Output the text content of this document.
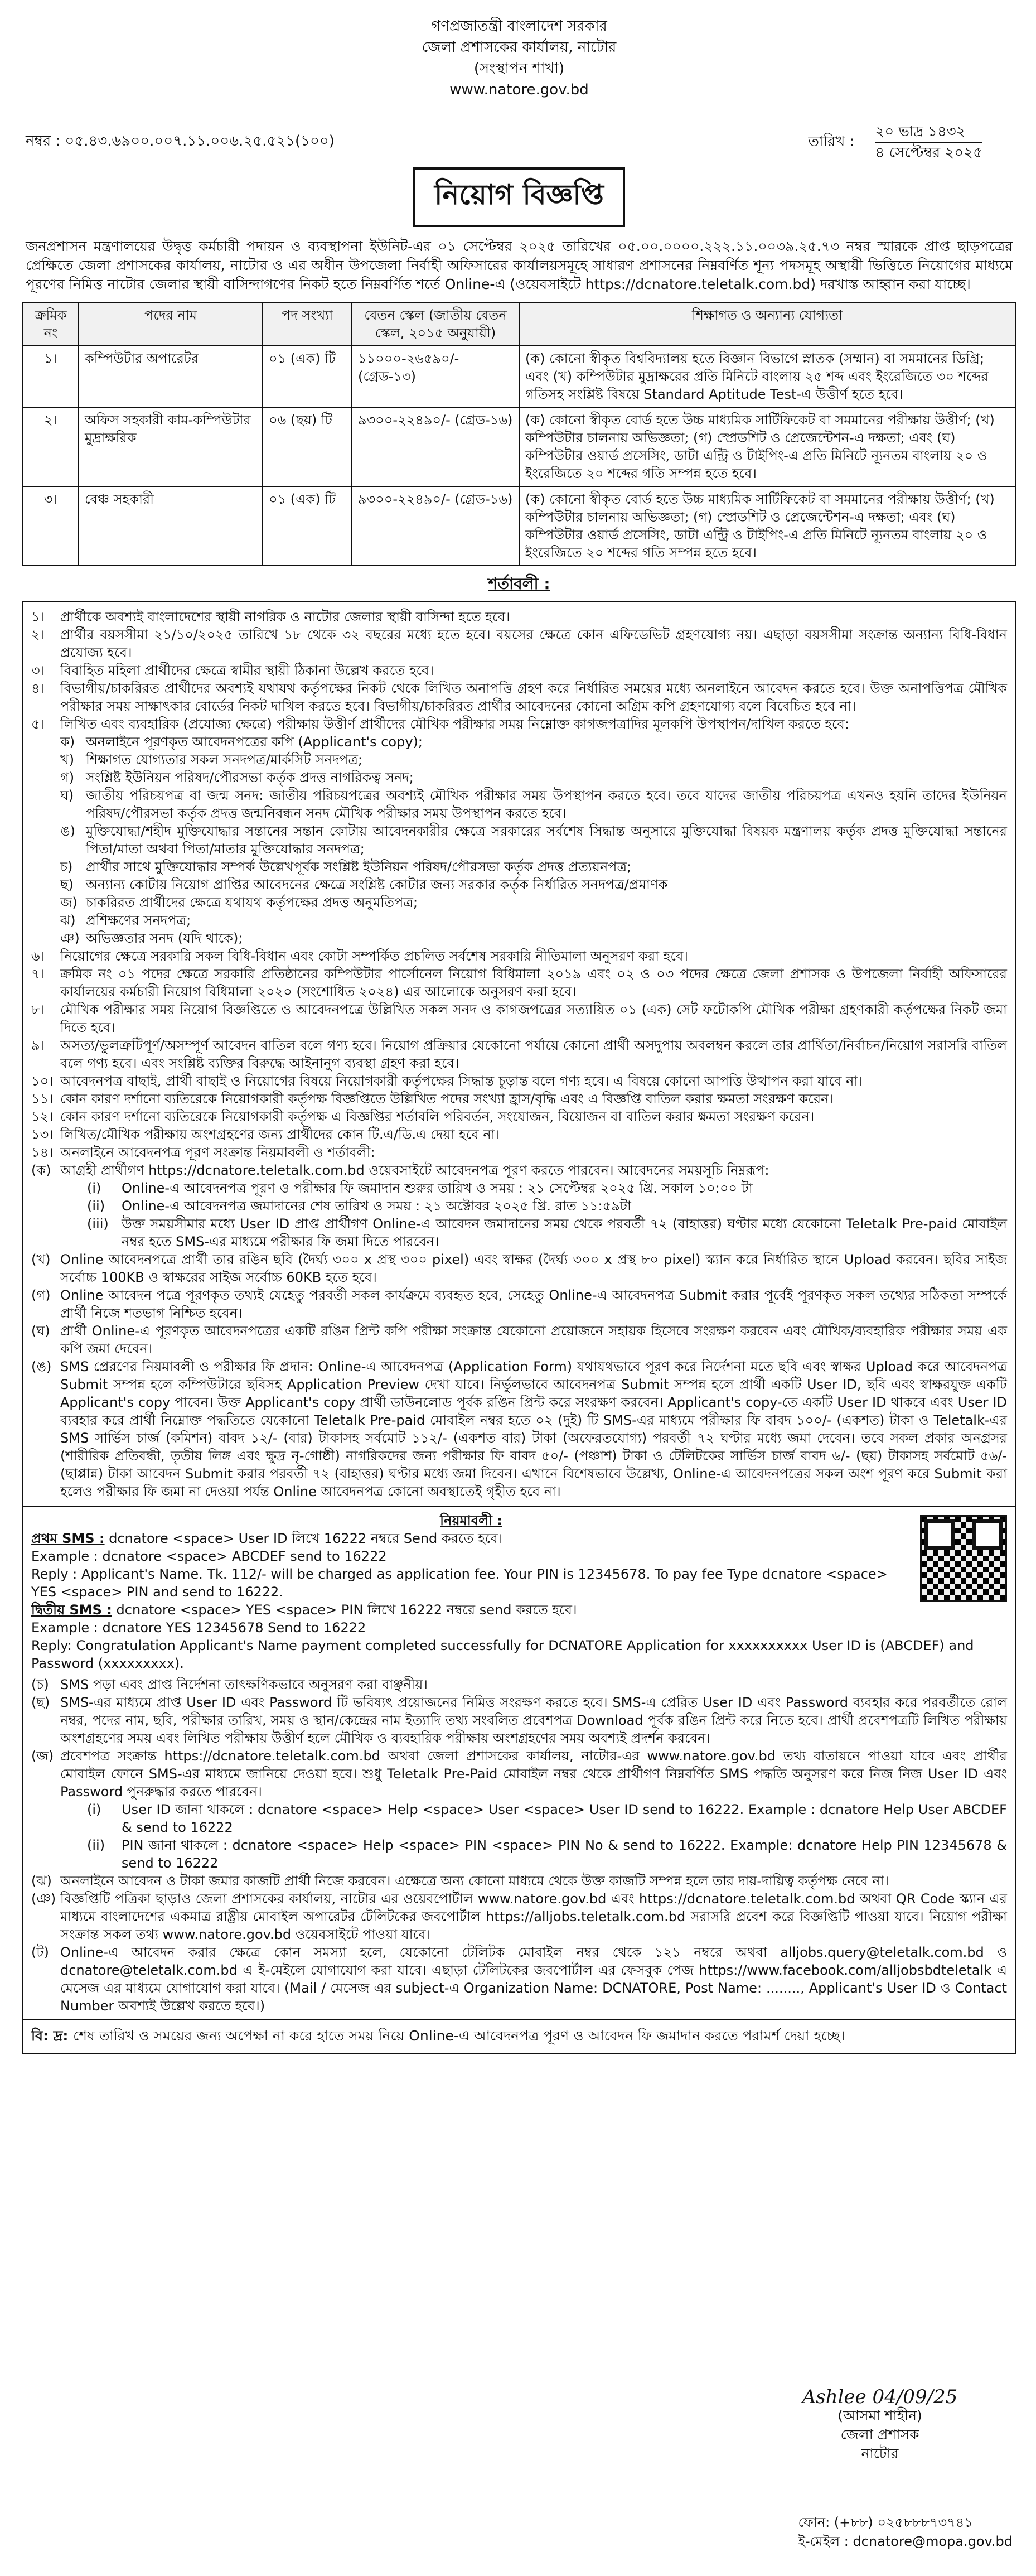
গণপ্রজাতন্ত্রী বাংলাদেশ সরকার
জেলা প্রশাসকের কার্যালয়, নাটোর
(সংস্থাপন শাখা)
www.natore.gov.bd
নম্বর : ০৫.৪৩.৬৯০০.০০৭.১১.০০৬.২৫.৫২১(১০০)	তারিখ :
২০ ভাদ্র ১৪৩২
৪ সেপ্টেম্বর ২০২৫
নিয়োগ বিজ্ঞপ্তি
জনপ্রশাসন মন্ত্রণালয়ের উদ্বৃত্ত কর্মচারী পদায়ন ও ব্যবস্থাপনা ইউনিট-এর ০১ সেপ্টেম্বর ২০২৫ তারিখের ০৫.০০.০০০০.২২২.১১.০০৩৯.২৫.৭৩ নম্বর স্মারকে প্রাপ্ত ছাড়পত্রের প্রেক্ষিতে জেলা প্রশাসকের কার্যালয়, নাটোর ও এর অধীন উপজেলা নির্বাহী অফিসারের কার্যালয়সমূহে সাধারণ প্রশাসনের নিম্নবর্ণিত শূন্য পদসমূহ অস্থায়ী ভিত্তিতে নিয়োগের মাধ্যমে পূরণের নিমিত্ত নাটোর জেলার স্থায়ী বাসিন্দাগণের নিকট হতে নিম্নবর্ণিত শর্তে Online-এ (ওয়েবসাইটে https://dcnatore.teletalk.com.bd) দরখাস্ত আহ্বান করা যাচ্ছে।
ক্রমিক নং	পদের নাম	পদ সংখ্যা	বেতন স্কেল (জাতীয় বেতন স্কেল, ২০১৫ অনুযায়ী)	শিক্ষাগত ও অন্যান্য যোগ্যতা
১।	কম্পিউটার অপারেটর	০১ (এক) টি	১১০০০-২৬৫৯০/- (গ্রেড-১৩)	(ক) কোনো স্বীকৃত বিশ্ববিদ্যালয় হতে বিজ্ঞান বিভাগে স্নাতক (সম্মান) বা সমমানের ডিগ্রি; এবং (খ) কম্পিউটার মুদ্রাক্ষরের প্রতি মিনিটে বাংলায় ২৫ শব্দ এবং ইংরেজিতে ৩০ শব্দের গতিসহ সংশ্লিষ্ট বিষয়ে Standard Aptitude Test-এ উত্তীর্ণ হতে হবে।
২।	অফিস সহকারী কাম-কম্পিউটার মুদ্রাক্ষরিক	০৬ (ছয়) টি	৯৩০০-২২৪৯০/- (গ্রেড-১৬)	(ক) কোনো স্বীকৃত বোর্ড হতে উচ্চ মাধ্যমিক সার্টিফিকেট বা সমমানের পরীক্ষায় উত্তীর্ণ; (খ) কম্পিউটার চালনায় অভিজ্ঞতা; (গ) স্প্রেডশিট ও প্রেজেন্টেশন-এ দক্ষতা; এবং (ঘ) কম্পিউটার ওয়ার্ড প্রসেসিং, ডাটা এন্ট্রি ও টাইপিং-এ প্রতি মিনিটে ন্যূনতম বাংলায় ২০ ও ইংরেজিতে ২০ শব্দের গতি সম্পন্ন হতে হবে।
৩।	বেঞ্চ সহকারী	০১ (এক) টি	৯৩০০-২২৪৯০/- (গ্রেড-১৬)	(ক) কোনো স্বীকৃত বোর্ড হতে উচ্চ মাধ্যমিক সার্টিফিকেট বা সমমানের পরীক্ষায় উত্তীর্ণ; (খ) কম্পিউটার চালনায় অভিজ্ঞতা; (গ) স্প্রেডশিট ও প্রেজেন্টেশন-এ দক্ষতা; এবং (ঘ) কম্পিউটার ওয়ার্ড প্রসেসিং, ডাটা এন্ট্রি ও টাইপিং-এ প্রতি মিনিটে ন্যূনতম বাংলায় ২০ ও ইংরেজিতে ২০ শব্দের গতি সম্পন্ন হতে হবে।
শর্তাবলী :
১।	প্রার্থীকে অবশ্যই বাংলাদেশের স্থায়ী নাগরিক ও নাটোর জেলার স্থায়ী বাসিন্দা হতে হবে।
২।	প্রার্থীর বয়সসীমা ২১/১০/২০২৫ তারিখে ১৮ থেকে ৩২ বছরের মধ্যে হতে হবে। বয়সের ক্ষেত্রে কোন এফিডেভিট গ্রহণযোগ্য নয়। এছাড়া বয়সসীমা সংক্রান্ত অন্যান্য বিধি-বিধান প্রযোজ্য হবে।
৩।	বিবাহিত মহিলা প্রার্থীদের ক্ষেত্রে স্বামীর স্থায়ী ঠিকানা উল্লেখ করতে হবে।
৪।	বিভাগীয়/চাকরিরত প্রার্থীদের অবশ্যই যথাযথ কর্তৃপক্ষের নিকট থেকে লিখিত অনাপত্তি গ্রহণ করে নির্ধারিত সময়ের মধ্যে অনলাইনে আবেদন করতে হবে। উক্ত অনাপত্তিপত্র মৌখিক পরীক্ষার সময় সাক্ষাৎকার বোর্ডের নিকট দাখিল করতে হবে। বিভাগীয়/চাকরিরত প্রার্থীর আবেদনের কোনো অগ্রিম কপি গ্রহণযোগ্য বলে বিবেচিত হবে না।
৫।	লিখিত এবং ব্যবহারিক (প্রযোজ্য ক্ষেত্রে) পরীক্ষায় উত্তীর্ণ প্রার্থীদের মৌখিক পরীক্ষার সময় নিম্নোক্ত কাগজপত্রাদির মূলকপি উপস্থাপন/দাখিল করতে হবে:
ক) অনলাইনে পূরণকৃত আবেদনপত্রের কপি (Applicant's copy);
খ) শিক্ষাগত যোগ্যতার সকল সনদপত্র/মার্কসিট সনদপত্র;
গ) সংশ্লিষ্ট ইউনিয়ন পরিষদ/পৌরসভা কর্তৃক প্রদত্ত নাগরিকত্ব সনদ;
ঘ) জাতীয় পরিচয়পত্র বা জন্ম সনদ: জাতীয় পরিচয়পত্রের অবশ্যই মৌখিক পরীক্ষার সময় উপস্থাপন করতে হবে। তবে যাদের জাতীয় পরিচয়পত্র এখনও হয়নি তাদের ইউনিয়ন পরিষদ/পৌরসভা কর্তৃক প্রদত্ত জন্মনিবন্ধন সনদ মৌখিক পরীক্ষার সময় উপস্থাপন করতে হবে।
ঙ) মুক্তিযোদ্ধা/শহীদ মুক্তিযোদ্ধার সন্তানের সন্তান কোটায় আবেদনকারীর ক্ষেত্রে সরকারের সর্বশেষ সিদ্ধান্ত অনুসারে মুক্তিযোদ্ধা বিষয়ক মন্ত্রণালয় কর্তৃক প্রদত্ত মুক্তিযোদ্ধা সন্তানের পিতা/মাতা অথবা পিতা/মাতার মুক্তিযোদ্ধার সনদপত্র;
চ) প্রার্থীর সাথে মুক্তিযোদ্ধার সম্পর্ক উল্লেখপূর্বক সংশ্লিষ্ট ইউনিয়ন পরিষদ/পৌরসভা কর্তৃক প্রদত্ত প্রত্যয়নপত্র;
ছ) অন্যান্য কোটায় নিয়োগ প্রাপ্তির আবেদনের ক্ষেত্রে সংশ্লিষ্ট কোটার জন্য সরকার কর্তৃক নির্ধারিত সনদপত্র/প্রমাণক
জ) চাকরিরত প্রার্থীদের ক্ষেত্রে যথাযথ কর্তৃপক্ষের প্রদত্ত অনুমতিপত্র;
ঝ) প্রশিক্ষণের সনদপত্র;
ঞ) অভিজ্ঞতার সনদ (যদি থাকে);
৬।	নিয়োগের ক্ষেত্রে সরকারি সকল বিধি-বিধান এবং কোটা সম্পর্কিত প্রচলিত সর্বশেষ সরকারি নীতিমালা অনুসরণ করা হবে।
৭।	ক্রমিক নং ০১ পদের ক্ষেত্রে সরকারি প্রতিষ্ঠানের কম্পিউটার পার্সোনেল নিয়োগ বিধিমালা ২০১৯ এবং ০২ ও ০৩ পদের ক্ষেত্রে জেলা প্রশাসক ও উপজেলা নির্বাহী অফিসারের কার্যালয়ের কর্মচারী নিয়োগ বিধিমালা ২০২০ (সংশোধিত ২০২৪) এর আলোকে অনুসরণ করা হবে।
৮।	মৌখিক পরীক্ষার সময় নিয়োগ বিজ্ঞপ্তিতে ও আবেদনপত্রে উল্লিখিত সকল সনদ ও কাগজপত্রের সত্যায়িত ০১ (এক) সেট ফটোকপি মৌখিক পরীক্ষা গ্রহণকারী কর্তৃপক্ষের নিকট জমা দিতে হবে।
৯।	অসত্য/ভুলত্রুটিপূর্ণ/অসম্পূর্ণ আবেদন বাতিল বলে গণ্য হবে। নিয়োগ প্রক্রিয়ার যেকোনো পর্যায়ে কোনো প্রার্থী অসদুপায় অবলম্বন করলে তার প্রার্থিতা/নির্বাচন/নিয়োগ সরাসরি বাতিল বলে গণ্য হবে। এবং সংশ্লিষ্ট ব্যক্তির বিরুদ্ধে আইনানুগ ব্যবস্থা গ্রহণ করা হবে।
১০। আবেদনপত্র বাছাই, প্রার্থী বাছাই ও নিয়োগের বিষয়ে নিয়োগকারী কর্তৃপক্ষের সিদ্ধান্ত চূড়ান্ত বলে গণ্য হবে। এ বিষয়ে কোনো আপত্তি উত্থাপন করা যাবে না।
১১। কোন কারণ দর্শানো ব্যতিরেকে নিয়োগকারী কর্তৃপক্ষ বিজ্ঞপ্তিতে উল্লিখিত পদের সংখ্যা হ্রাস/বৃদ্ধি এবং এ বিজ্ঞপ্তি বাতিল করার ক্ষমতা সংরক্ষণ করেন।
১২। কোন কারণ দর্শানো ব্যতিরেকে নিয়োগকারী কর্তৃপক্ষ এ বিজ্ঞপ্তির শর্তাবলি পরিবর্তন, সংযোজন, বিয়োজন বা বাতিল করার ক্ষমতা সংরক্ষণ করেন।
১৩। লিখিত/মৌখিক পরীক্ষায় অংশগ্রহণের জন্য প্রার্থীদের কোন টি.এ/ডি.এ দেয়া হবে না।
১৪। অনলাইনে আবেদনপত্র পূরণ সংক্রান্ত নিয়মাবলী ও শর্তাবলী:
(ক) আগ্রহী প্রার্থীগণ https://dcnatore.teletalk.com.bd ওয়েবসাইটে আবেদনপত্র পূরণ করতে পারবেন। আবেদনের সময়সূচি নিম্নরূপ:
(i)	Online-এ আবেদনপত্র পূরণ ও পরীক্ষার ফি জমাদান শুরুর তারিখ ও সময় : ২১ সেপ্টেম্বর ২০২৫ খ্রি. সকাল ১০:০০ টা
(ii)	Online-এ আবেদনপত্র জমাদানের শেষ তারিখ ও সময় : ২১ অক্টোবর ২০২৫ খ্রি. রাত ১১:৫৯টা
(iii) উক্ত সময়সীমার মধ্যে User ID প্রাপ্ত প্রার্থীগণ Online-এ আবেদন জমাদানের সময় থেকে পরবর্তী ৭২ (বাহাত্তর) ঘণ্টার মধ্যে যেকোনো Teletalk Pre-paid মোবাইল নম্বর হতে SMS-এর মাধ্যমে পরীক্ষার ফি জমা দিতে পারবেন।
(খ) Online আবেদনপত্রে প্রার্থী তার রঙিন ছবি (দৈর্ঘ্য ৩০০ x প্রস্থ ৩০০ pixel) এবং স্বাক্ষর (দৈর্ঘ্য ৩০০ x প্রস্থ ৮০ pixel) স্ক্যান করে নির্ধারিত স্থানে Upload করবেন। ছবির সাইজ সর্বোচ্চ 100KB ও স্বাক্ষরের সাইজ সর্বোচ্চ 60KB হতে হবে।
(গ) Online আবেদন পত্রে পূরণকৃত তথ্যই যেহেতু পরবর্তী সকল কার্যক্রমে ব্যবহৃত হবে, সেহেতু Online-এ আবেদনপত্র Submit করার পূর্বেই পূরণকৃত সকল তথ্যের সঠিকতা সম্পর্কে প্রার্থী নিজে শতভাগ নিশ্চিত হবেন।
(ঘ) প্রার্থী Online-এ পূরণকৃত আবেদনপত্রের একটি রঙিন প্রিন্ট কপি পরীক্ষা সংক্রান্ত যেকোনো প্রয়োজনে সহায়ক হিসেবে সংরক্ষণ করবেন এবং মৌখিক/ব্যবহারিক পরীক্ষার সময় এক কপি জমা দেবেন।
(ঙ) SMS প্রেরণের নিয়মাবলী ও পরীক্ষার ফি প্রদান: Online-এ আবেদনপত্র (Application Form) যথাযথভাবে পূরণ করে নির্দেশনা মতে ছবি এবং স্বাক্ষর Upload করে আবেদনপত্র Submit সম্পন্ন হলে কম্পিউটারে ছবিসহ Application Preview দেখা যাবে। নির্ভুলভাবে আবেদনপত্র Submit সম্পন্ন হলে প্রার্থী একটি User ID, ছবি এবং স্বাক্ষরযুক্ত একটি Applicant's copy পাবেন। উক্ত Applicant's copy প্রার্থী ডাউনলোড পূর্বক রঙিন প্রিন্ট করে সংরক্ষণ করবেন। Applicant's copy-তে একটি User ID থাকবে এবং User ID ব্যবহার করে প্রার্থী নিম্নোক্ত পদ্ধতিতে যেকোনো Teletalk Pre-paid মোবাইল নম্বর হতে ০২ (দুই) টি SMS-এর মাধ্যমে পরীক্ষার ফি বাবদ ১০০/- (একশত) টাকা ও Teletalk-এর SMS সার্ভিস চার্জ (কমিশন) বাবদ ১২/- (বার) টাকাসহ সর্বমোট ১১২/- (একশত বার) টাকা (অফেরতযোগ্য) পরবর্তী ৭২ ঘণ্টার মধ্যে জমা দেবেন। তবে সকল প্রকার অনগ্রসর (শারীরিক প্রতিবন্ধী, তৃতীয় লিঙ্গ এবং ক্ষুদ্র নৃ-গোষ্ঠী) নাগরিকদের জন্য পরীক্ষার ফি বাবদ ৫০/- (পঞ্চাশ) টাকা ও টেলিটকের সার্ভিস চার্জ বাবদ ৬/- (ছয়) টাকাসহ সর্বমোট ৫৬/- (ছাপ্পান্ন) টাকা আবেদন Submit করার পরবর্তী ৭২ (বাহাত্তর) ঘণ্টার মধ্যে জমা দিবেন। এখানে বিশেষভাবে উল্লেখ্য, Online-এ আবেদনপত্রের সকল অংশ পূরণ করে Submit করা হলেও পরীক্ষার ফি জমা না দেওয়া পর্যন্ত Online আবেদনপত্র কোনো অবস্থাতেই গৃহীত হবে না।
নিয়মাবলী :
প্রথম SMS : dcnatore <space> User ID লিখে 16222 নম্বরে Send করতে হবে।
Example : dcnatore <space> ABCDEF send to 16222
Reply : Applicant's Name. Tk. 112/- will be charged as application fee. Your PIN is 12345678. To pay fee Type dcnatore <space> YES <space> PIN and send to 16222.
দ্বিতীয় SMS : dcnatore <space> YES <space> PIN লিখে 16222 নম্বরে send করতে হবে।
Example : dcnatore YES 12345678 Send to 16222
Reply: Congratulation Applicant's Name payment completed successfully for DCNATORE Application for xxxxxxxxxx User ID is (ABCDEF) and Password (xxxxxxxxx).
(চ) SMS পড়া এবং প্রাপ্ত নির্দেশনা তাৎক্ষণিকভাবে অনুসরণ করা বাঞ্ছনীয়।
(ছ) SMS-এর মাধ্যমে প্রাপ্ত User ID এবং Password টি ভবিষ্যৎ প্রয়োজনের নিমিত্ত সংরক্ষণ করতে হবে। SMS-এ প্রেরিত User ID এবং Password ব্যবহার করে পরবর্তীতে রোল নম্বর, পদের নাম, ছবি, পরীক্ষার তারিখ, সময় ও স্থান/কেন্দ্রের নাম ইত্যাদি তথ্য সংবলিত প্রবেশপত্র Download পূর্বক রঙিন প্রিন্ট করে নিতে হবে। প্রার্থী প্রবেশপত্রটি লিখিত পরীক্ষায় অংশগ্রহণের সময় এবং লিখিত পরীক্ষায় উত্তীর্ণ হলে মৌখিক ও ব্যবহারিক পরীক্ষায় অংশগ্রহণের সময় অবশ্যই প্রদর্শন করবেন।
(জ) প্রবেশপত্র সংক্রান্ত https://dcnatore.teletalk.com.bd অথবা জেলা প্রশাসকের কার্যালয়, নাটোর-এর www.natore.gov.bd তথ্য বাতায়নে পাওয়া যাবে এবং প্রার্থীর মোবাইল ফোনে SMS-এর মাধ্যমে জানিয়ে দেওয়া হবে। শুধু Teletalk Pre-Paid মোবাইল নম্বর থেকে প্রার্থীগণ নিম্নবর্ণিত SMS পদ্ধতি অনুসরণ করে নিজ নিজ User ID এবং Password পুনরুদ্ধার করতে পারবেন।
(i)	User ID জানা থাকলে : dcnatore <space> Help <space> User <space> User ID send to 16222. Example : dcnatore Help User ABCDEF & send to 16222
(ii)	PIN জানা থাকলে : dcnatore <space> Help <space> PIN <space> PIN No & send to 16222. Example: dcnatore Help PIN 12345678 & send to 16222
(ঝ) অনলাইনে আবেদন ও টাকা জমার কাজটি প্রার্থী নিজে করবেন। এক্ষেত্রে অন্য কোনো মাধ্যমে থেকে উক্ত কাজটি সম্পন্ন হলে তার দায়-দায়িত্ব কর্তৃপক্ষ নেবে না।
(ঞ) বিজ্ঞপ্তিটি পত্রিকা ছাড়াও জেলা প্রশাসকের কার্যালয়, নাটোর এর ওয়েবপোর্টাল www.natore.gov.bd এবং https://dcnatore.teletalk.com.bd অথবা QR Code স্ক্যান এর মাধ্যমে বাংলাদেশের একমাত্র রাষ্ট্রীয় মোবাইল অপারেটর টেলিটকের জবপোর্টাল https://alljobs.teletalk.com.bd সরাসরি প্রবেশ করে বিজ্ঞপ্তিটি পাওয়া যাবে। নিয়োগ পরীক্ষা সংক্রান্ত সকল তথ্য www.natore.gov.bd ওয়েবসাইটে পাওয়া যাবে।
(ট) Online-এ আবেদন করার ক্ষেত্রে কোন সমস্যা হলে, যেকোনো টেলিটক মোবাইল নম্বর থেকে ১২১ নম্বরে অথবা alljobs.query@teletalk.com.bd ও dcnatore@teletalk.com.bd এ ই-মেইলে যোগাযোগ করা যাবে। এছাড়া টেলিটকের জবপোর্টাল এর ফেসবুক পেজ https://www.facebook.com/alljobsbdteletalk এ মেসেজ এর মাধ্যমে যোগাযোগ করা যাবে। (Mail / মেসেজ এর subject-এ Organization Name: DCNATORE, Post Name: ........, Applicant's User ID ও Contact Number অবশ্যই উল্লেখ করতে হবে।)
বি: দ্র: শেষ তারিখ ও সময়ের জন্য অপেক্ষা না করে হাতে সময় নিয়ে Online-এ আবেদনপত্র পূরণ ও আবেদন ফি জমাদান করতে পরামর্শ দেয়া হচ্ছে।
Ashlee 04/09/25
(আসমা শাহীন)
জেলা প্রশাসক
নাটোর
ফোন: (+৮৮) ০২৫৮৮৮৭৩৭৪১
ই-মেইল : dcnatore@mopa.gov.bd
